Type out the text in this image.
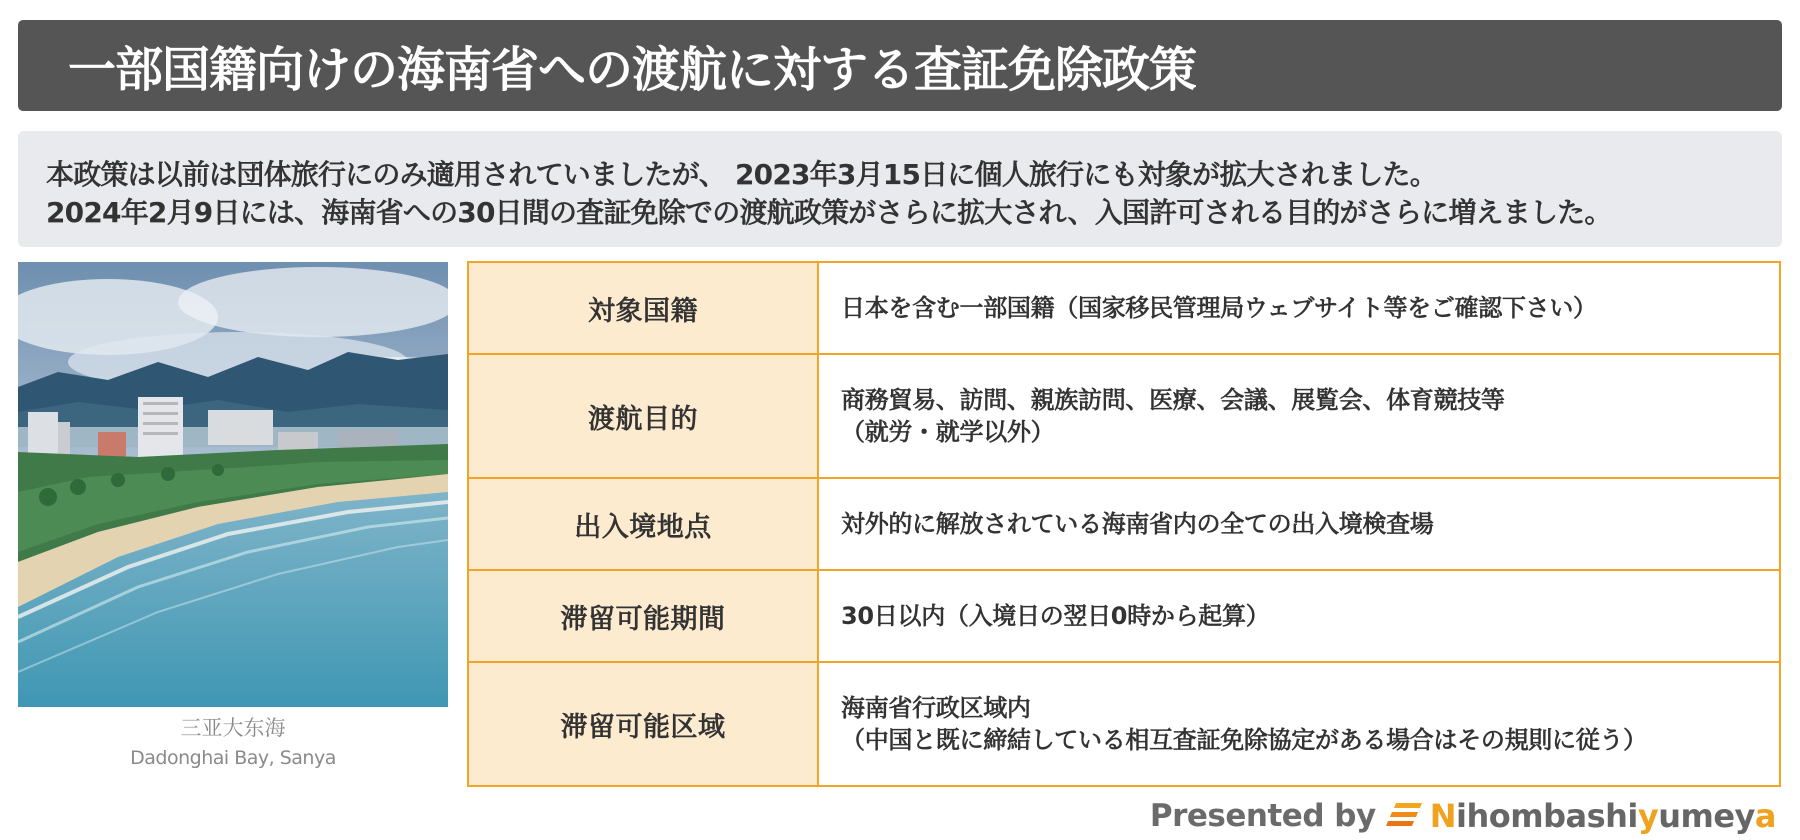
一部国籍向けの海南省への渡航に対する査証免除政策

本政策は以前は団体旅行にのみ適用されていましたが、 2023年3月15日に個人旅行にも対象が拡大されました。

2024年2月9日には、海南省への30日間の査証免除での渡航政策がさらに拡大され、入国許可される目的がさらに増えました。

三亚大东海
Dadonghai Bay, Sanya
対象国籍	日本を含む一部国籍（国家移民管理局ウェブサイト等をご確認下さい）

渡航目的	商務貿易、訪問、親族訪問、医療、会議、展覧会、体育競技等
（就労・就学以外）

出入境地点	対外的に解放されている海南省内の全ての出入境検査場

滞留可能期間	30日以内（入境日の翌日0時から起算）

滞留可能区域	海南省行政区域内
（中国と既に締結している相互査証免除協定がある場合はその規則に従う）
Presented by Nihombashiyumeya
